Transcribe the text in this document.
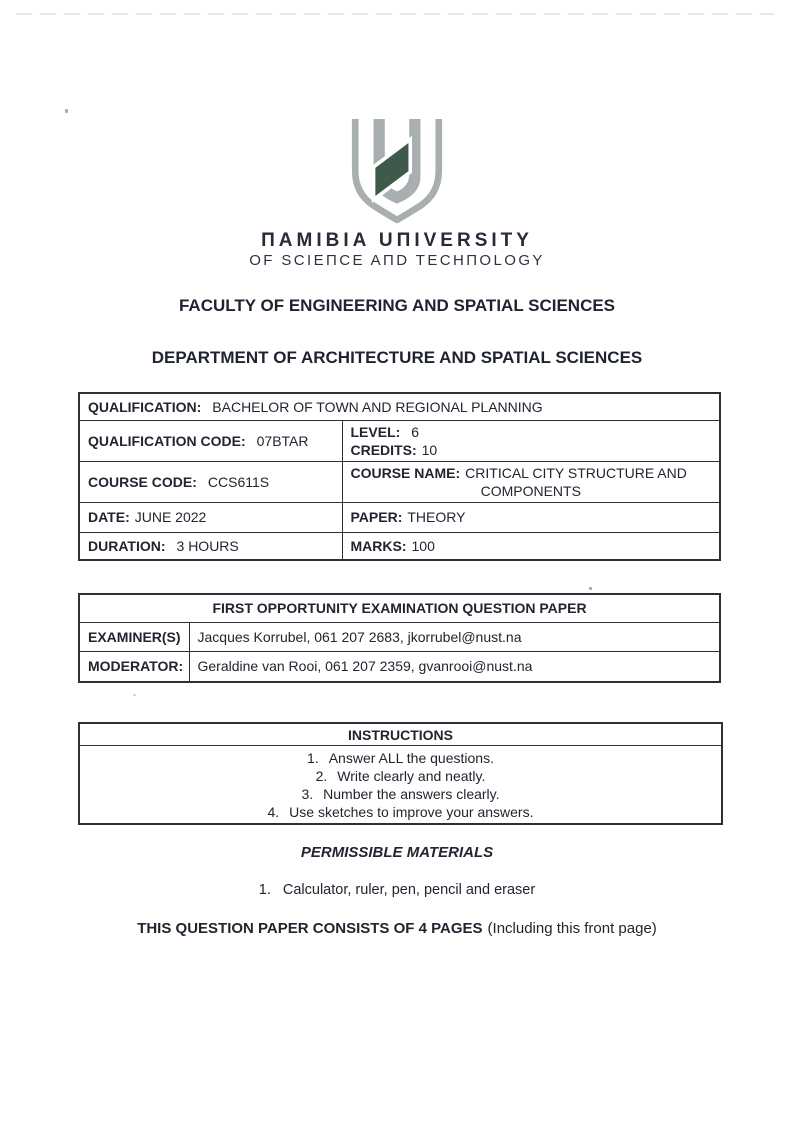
ΠAMIBIA UΠIVERSITY
OF SCIEΠCE AΠD TECHΠOLOGY
FACULTY OF ENGINEERING AND SPATIAL SCIENCES
DEPARTMENT OF ARCHITECTURE AND SPATIAL SCIENCES
QUALIFICATION: BACHELOR OF TOWN AND REGIONAL PLANNING	
QUALIFICATION CODE: 07BTAR	LEVEL: 6
CREDITS: 10

COURSE CODE: CCS611S	COURSE NAME: CRITICAL CITY STRUCTURE AND
COMPONENTS

DATE: JUNE 2022	PAPER: THEORY
DURATION: 3 HOURS	MARKS: 100
FIRST OPPORTUNITY EXAMINATION QUESTION PAPER	
EXAMINER(S)	Jacques Korrubel, 061 207 2683, jkorrubel@nust.na
MODERATOR:	Geraldine van Rooi, 061 207 2359, gvanrooi@nust.na
INSTRUCTIONS
1. Answer ALL the questions.
2. Write clearly and neatly.
3. Number the answers clearly.
4. Use sketches to improve your answers.
PERMISSIBLE MATERIALS
1. Calculator, ruler, pen, pencil and eraser
THIS QUESTION PAPER CONSISTS OF 4 PAGES (Including this front page)
